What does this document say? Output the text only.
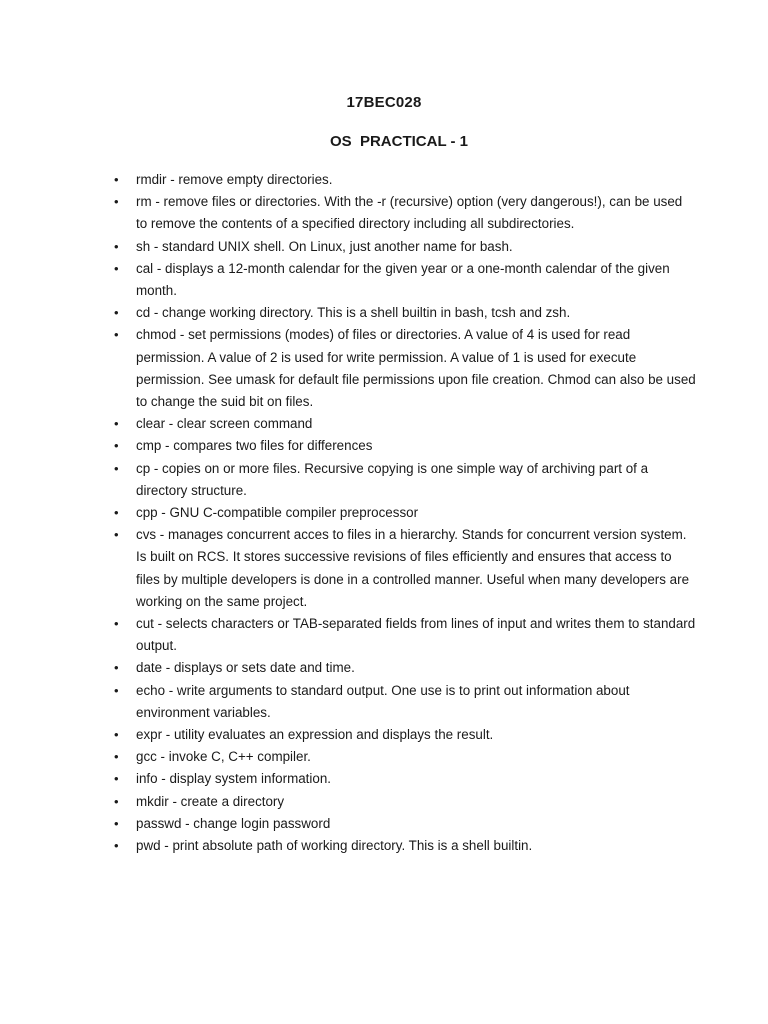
17BEC028
OS  PRACTICAL - 1
• rmdir - remove empty directories.
• rm - remove files or directories. With the -r (recursive) option (very dangerous!), can be used to remove the contents of a specified directory including all subdirectories.
• sh - standard UNIX shell. On Linux, just another name for bash.
• cal - displays a 12-month calendar for the given year or a one-month calendar of the given month.
• cd - change working directory. This is a shell builtin in bash, tcsh and zsh.
• chmod - set permissions (modes) of files or directories. A value of 4 is used for read permission. A value of 2 is used for write permission. A value of 1 is used for execute permission. See umask for default file permissions upon file creation. Chmod can also be used to change the suid bit on files.
• clear - clear screen command
• cmp - compares two files for differences
• cp - copies on or more files. Recursive copying is one simple way of archiving part of a directory structure.
• cpp - GNU C-compatible compiler preprocessor
• cvs - manages concurrent acces to files in a hierarchy. Stands for concurrent version system. Is built on RCS. It stores successive revisions of files efficiently and ensures that access to files by multiple developers is done in a controlled manner. Useful when many developers are working on the same project.
• cut - selects characters or TAB-separated fields from lines of input and writes them to standard output.
• date - displays or sets date and time.
• echo - write arguments to standard output. One use is to print out information about environment variables.
• expr - utility evaluates an expression and displays the result.
• gcc - invoke C, C++ compiler.
• info - display system information.
• mkdir - create a directory
• passwd - change login password
• pwd - print absolute path of working directory. This is a shell builtin.
